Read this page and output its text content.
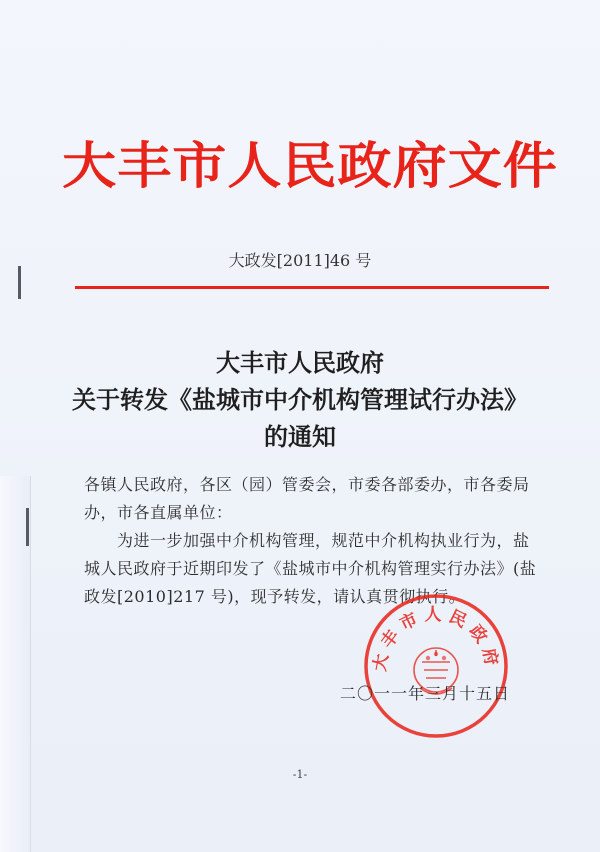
大丰市人民政府文件
大政发[2011]46 号
大丰市人民政府
关于转发《盐城市中介机构管理试行办法》
的通知
各镇人民政府，各区（园）管委会，市委各部委办，市各委局
办，市各直属单位：
　　为进一步加强中介机构管理，规范中介机构执业行为，盐
城人民政府于近期印发了《盐城市中介机构管理实行办法》(盐
政发[2010]217 号)，现予转发，请认真贯彻执行。
大丰市人民政府
二〇一一年三月十五日
-1-
